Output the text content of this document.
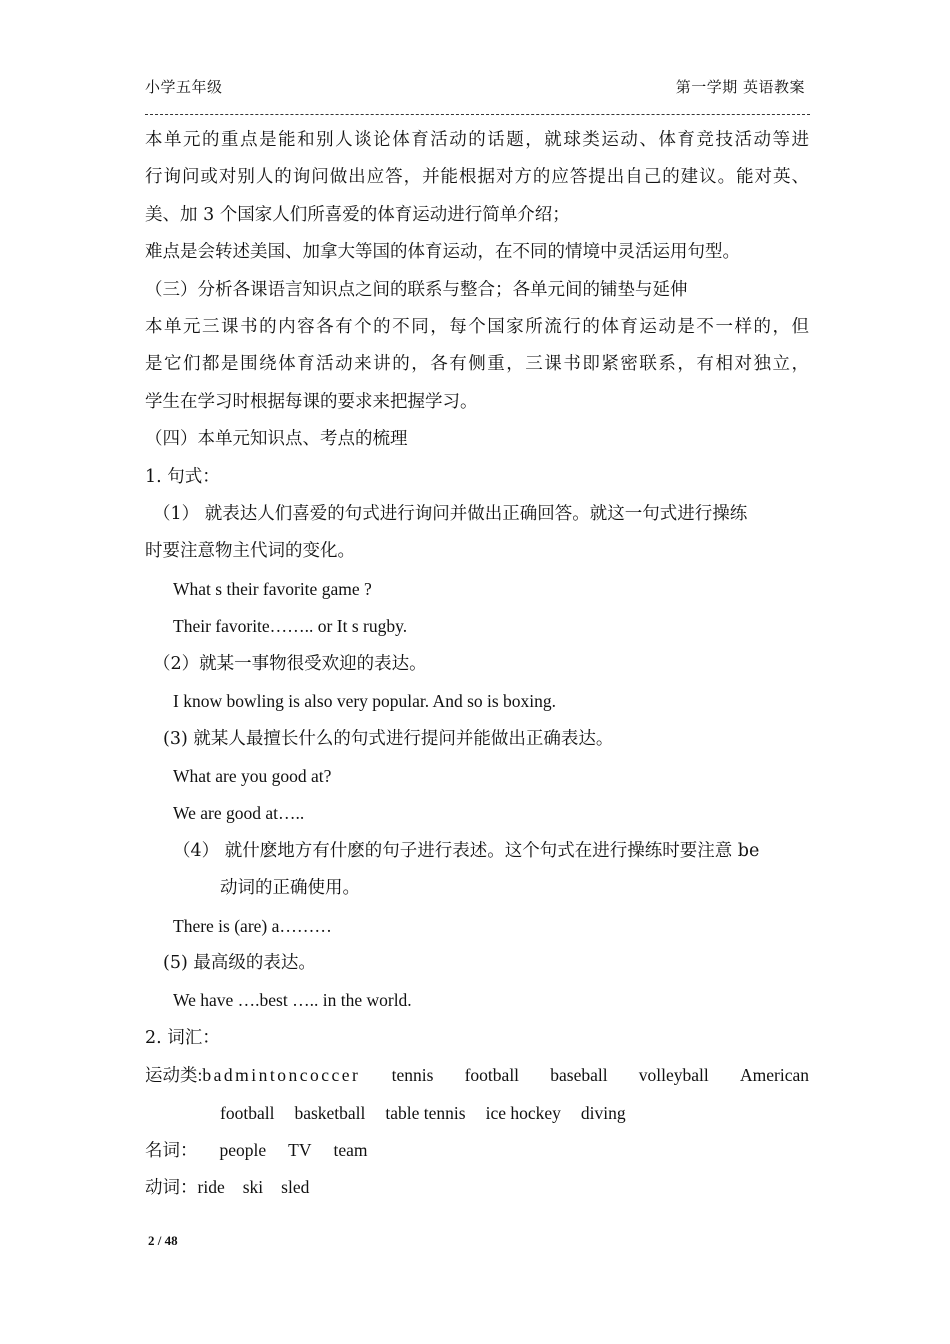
小学五年级	第一学期 英语教案
本单元的重点是能和别人谈论体育活动的话题，就球类运动、体育竞技活动等进
行询问或对别人的询问做出应答，并能根据对方的应答提出自己的建议。能对英、
美、加 3 个国家人们所喜爱的体育运动进行简单介绍；
难点是会转述美国、加拿大等国的体育运动，在不同的情境中灵活运用句型。
（三）分析各课语言知识点之间的联系与整合；各单元间的铺垫与延伸
本单元三课书的内容各有个的不同，每个国家所流行的体育运动是不一样的，但
是它们都是围绕体育活动来讲的，各有侧重，三课书即紧密联系，有相对独立，
学生在学习时根据每课的要求来把握学习。
（四）本单元知识点、考点的梳理
1. 句式：
（1） 就表达人们喜爱的句式进行询问并做出正确回答。就这一句式进行操练
时要注意物主代词的变化。
What s their favorite game ?
Their favorite…….. or It s rugby.
（2）就某一事物很受欢迎的表达。
I know bowling is also very popular. And so is boxing.
(3) 就某人最擅长什么的句式进行提问并能做出正确表达。
What are you good at?
We are good at…..
（4） 就什麽地方有什麽的句子进行表述。这个句式在进行操练时要注意 be
动词的正确使用。
There is (are) a………
(5) 最高级的表达。
We have ….best ….. in the world.
2. 词汇：
运动类:badmintoncoccer tennis football baseball volleyball American
football basketball table tennis ice hockey diving
名词： people TV team
动词：ride ski sled
2 / 48
